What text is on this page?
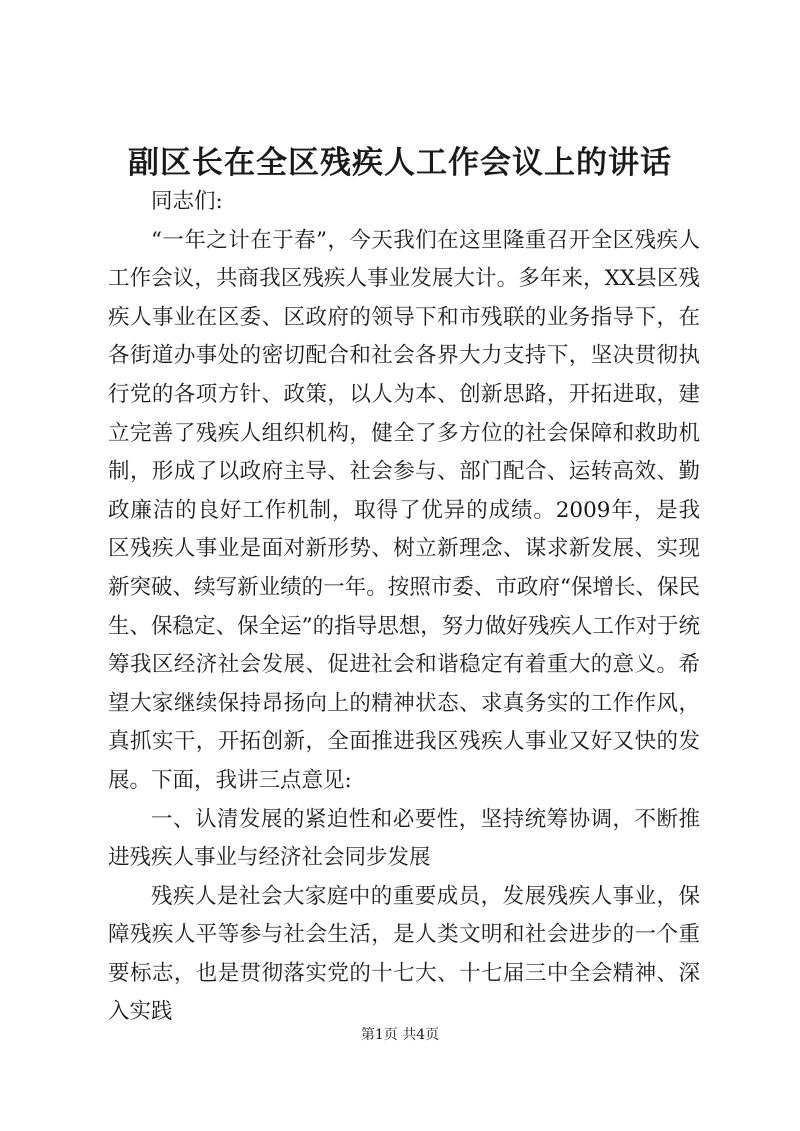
副区长在全区残疾人工作会议上的讲话

同志们:

“一年之计在于春”，今天我们在这里隆重召开全区残疾人工作会议，共商我区残疾人事业发展大计。多年来，XX县区残疾人事业在区委、区政府的领导下和市残联的业务指导下，在各街道办事处的密切配合和社会各界大力支持下，坚决贯彻执行党的各项方针、政策，以人为本、创新思路，开拓进取，建立完善了残疾人组织机构，健全了多方位的社会保障和救助机制，形成了以政府主导、社会参与、部门配合、运转高效、勤政廉洁的良好工作机制，取得了优异的成绩。2009年，是我区残疾人事业是面对新形势、树立新理念、谋求新发展、实现新突破、续写新业绩的一年。按照市委、市政府“保增长、保民生、保稳定、保全运”的指导思想，努力做好残疾人工作对于统筹我区经济社会发展、促进社会和谐稳定有着重大的意义。希望大家继续保持昂扬向上的精神状态、求真务实的工作作风，真抓实干，开拓创新，全面推进我区残疾人事业又好又快的发展。下面，我讲三点意见:

一、认清发展的紧迫性和必要性，坚持统筹协调，不断推进残疾人事业与经济社会同步发展

残疾人是社会大家庭中的重要成员，发展残疾人事业，保障残疾人平等参与社会生活，是人类文明和社会进步的一个重要标志，也是贯彻落实党的十七大、十七届三中全会精神、深入实践

第1页 共4页
